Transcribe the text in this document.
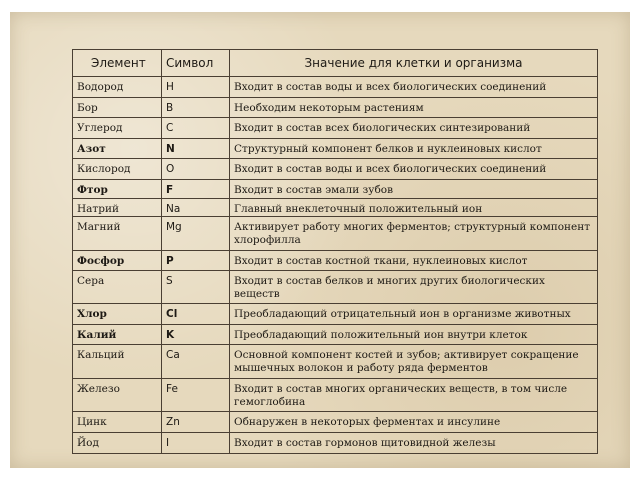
Элемент	Символ	Значение для клетки и организма
Водород	H	Входит в состав воды и всех биологических соединений
Бор	B	Необходим некоторым растениям
Углерод	C	Входит в состав всех биологических синтезирований
Азот	N	Структурный компонент белков и нуклеиновых кислот
Кислород	O	Входит в состав воды и всех биологических соединений
Фтор	F	Входит в состав эмали зубов
Натрий	Na	Главный внеклеточный положительный ион
Магний	Mg	Активирует работу многих ферментов; структурный компонент хлорофилла
Фосфор	P	Входит в состав костной ткани, нуклеиновых кислот
Сера	S	Входит в состав белков и многих других биологических веществ
Хлор	Cl	Преобладающий отрицательный ион в организме животных
Калий	K	Преобладающий положительный ион внутри клеток
Кальций	Ca	Основной компонент костей и зубов; активирует сокращение мышечных волокон и работу ряда ферментов
Железо	Fe	Входит в состав многих органических веществ, в том числе гемоглобина
Цинк	Zn	Обнаружен в некоторых ферментах и инсулине
Йод	I	Входит в состав гормонов щитовидной железы
